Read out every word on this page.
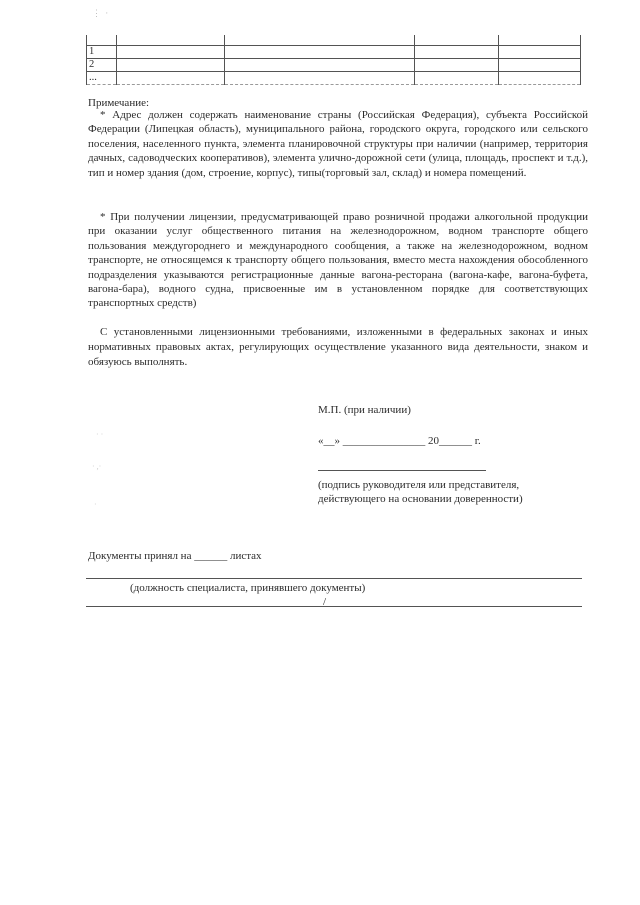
⋮ ·

1				
2				
...				
Примечание:
* Адрес должен содержать наименование страны (Российская Федерация), субъекта Российской Федерации (Липецкая область), муниципального района, городского округа, городского или сельского поселения, населенного пункта, элемента планировочной структуры при наличии (например, территория дачных, садоводческих кооперативов), элемента улично-дорожной сети (улица, площадь, проспект и т.д.), тип и номер здания (дом, строение, корпус), типы(торговый зал, склад) и номера помещений.
* При получении лицензии, предусматривающей право розничной продажи алкогольной продукции при оказании услуг общественного питания на железнодорожном, водном транспорте общего пользования междугороднего и международного сообщения, а также на железнодорожном, водном транспорте, не относящемся к транспорту общего пользования, вместо места нахождения обособленного подразделения указываются регистрационные данные вагона-ресторана (вагона-кафе, вагона-буфета, вагона-бара), водного судна, присвоенные им в установленном порядке для соответствующих транспортных средств)
С установленными лицензионными требованиями, изложенными в федеральных законах и иных нормативных правовых актах, регулирующих осуществление указанного вида деятельности, знаком и обязуюсь выполнять.
М.П. (при наличии)
«__» _______________ 20______ г.
(подпись руководителя или представителя, действующего на основании доверенности)
· ·
· ,·
·
Документы принял на ______ листах
(должность специалиста, принявшего документы)
/
